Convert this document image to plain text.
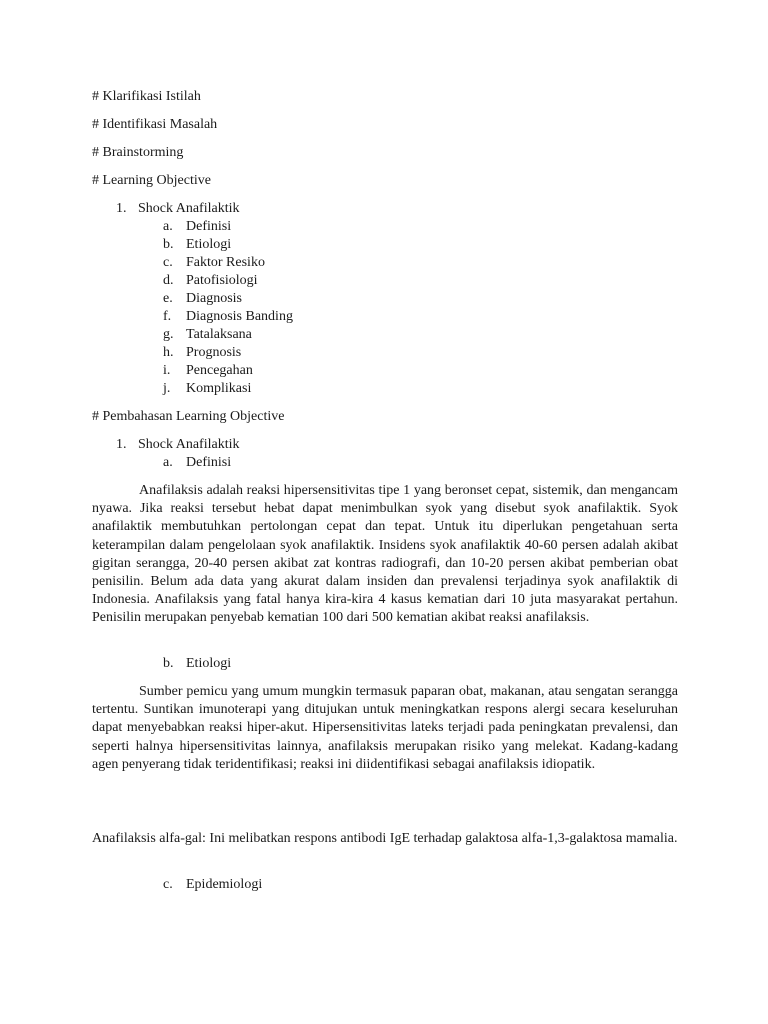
# Klarifikasi Istilah
# Identifikasi Masalah
# Brainstorming
# Learning Objective
1. Shock Anafilaktik
a. Definisi
b. Etiologi
c. Faktor Resiko
d. Patofisiologi
e. Diagnosis
f. Diagnosis Banding
g. Tatalaksana
h. Prognosis
i. Pencegahan
j. Komplikasi
# Pembahasan Learning Objective
1. Shock Anafilaktik
a. Definisi
Anafilaksis adalah reaksi hipersensitivitas tipe 1 yang beronset cepat, sistemik, dan mengancam nyawa. Jika reaksi tersebut hebat dapat menimbulkan syok yang disebut syok anafilaktik. Syok anafilaktik membutuhkan pertolongan cepat dan tepat. Untuk itu diperlukan pengetahuan serta keterampilan dalam pengelolaan syok anafilaktik. Insidens syok anafilaktik 40-60 persen adalah akibat gigitan serangga, 20-40 persen akibat zat kontras radiografi, dan 10-20 persen akibat pemberian obat penisilin. Belum ada data yang akurat dalam insiden dan prevalensi terjadinya syok anafilaktik di Indonesia. Anafilaksis yang fatal hanya kira-kira 4 kasus kematian dari 10 juta masyarakat pertahun. Penisilin merupakan penyebab kematian 100 dari 500 kematian akibat reaksi anafilaksis.
b. Etiologi
Sumber pemicu yang umum mungkin termasuk paparan obat, makanan, atau sengatan serangga tertentu. Suntikan imunoterapi yang ditujukan untuk meningkatkan respons alergi secara keseluruhan dapat menyebabkan reaksi hiper-akut. Hipersensitivitas lateks terjadi pada peningkatan prevalensi, dan seperti halnya hipersensitivitas lainnya, anafilaksis merupakan risiko yang melekat. Kadang-kadang agen penyerang tidak teridentifikasi; reaksi ini diidentifikasi sebagai anafilaksis idiopatik.
Anafilaksis alfa-gal: Ini melibatkan respons antibodi IgE terhadap galaktosa alfa-1,3-galaktosa mamalia.
c. Epidemiologi
